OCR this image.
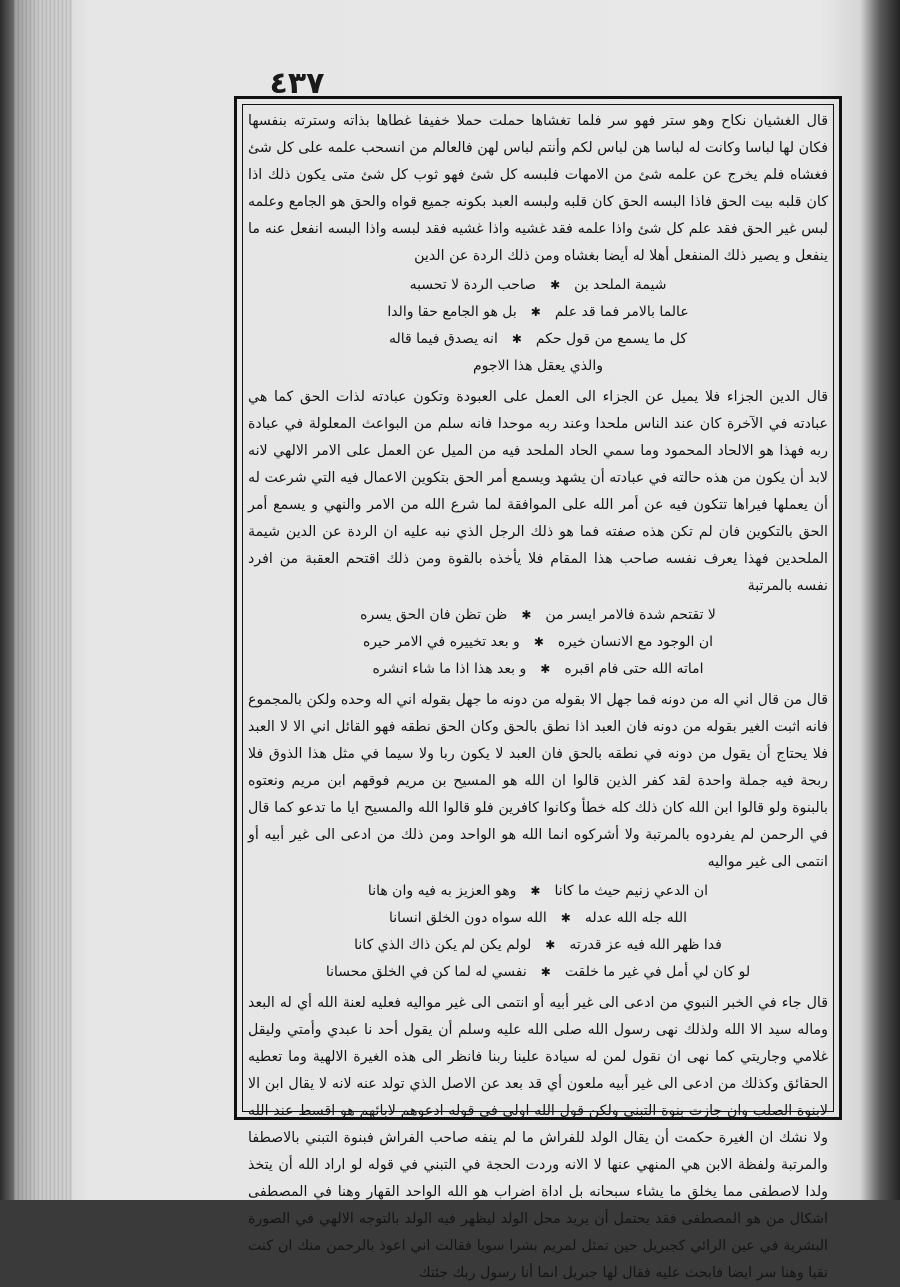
٤٣٧

قال الغشيان نكاح وهو ستر فهو سر فلما تغشاها حملت حملا خفيفا غطاها بذاته وسترته بنفسها فكان لها لباسا وكانت له لباسا هن لباس لكم وأنتم لباس لهن فالعالم من انسحب علمه على كل شئ فغشاه فلم يخرج عن علمه شئ من الامهات فلبسه كل شئ فهو ثوب كل شئ متى يكون ذلك اذا كان قلبه بيت الحق فاذا البسه الحق كان قلبه ولبسه العبد بكونه جميع قواه والحق هو الجامع وعلمه لبس غير الحق فقد علم كل شئ واذا علمه فقد غشيه واذا غشيه فقد لبسه واذا البسه انفعل عنه ما ينفعل و يصير ذلك المنفعل أهلا له أيضا بغشاه ومن ذلك الردة عن الدين

شيمة الملحد بن
✱
صاحب الردة لا تحسبه
عالما بالامر فما قد علم
✱
بل هو الجامع حقا والدا
كل ما يسمع من قول حكم
✱
انه يصدق فيما قاله
والذي يعقل هذا الاجوم

قال الدين الجزاء فلا يميل عن الجزاء الى العمل على العبودة وتكون عبادته لذات الحق كما هي عبادته في الآخرة كان عند الناس ملحدا وعند ربه موحدا فانه سلم من البواعث المعلولة في عبادة ربه فهذا هو الالحاد المحمود وما سمي الحاد الملحد فيه من الميل عن العمل على الامر الالهي لانه لابد أن يكون من هذه حالته في عبادته أن يشهد ويسمع أمر الحق بتكوين الاعمال فيه التي شرعت له أن يعملها فيراها تتكون فيه عن أمر الله على الموافقة لما شرع الله من الامر والنهي و يسمع أمر الحق بالتكوين فان لم تكن هذه صفته فما هو ذلك الرجل الذي نبه عليه ان الردة عن الدين شيمة الملحدين فهذا يعرف نفسه صاحب هذا المقام فلا يأخذه بالقوة ومن ذلك اقتحم العقبة من افرد نفسه بالمرتبة

لا تقتحم شدة فالامر ايسر من
✱
ظن تظن فان الحق يسره
ان الوجود مع الانسان خيره
✱
و بعد تخييره في الامر حيره
اماته الله حتى فام اقبره
✱
و بعد هذا اذا ما شاء انشره

قال من قال اني اله من دونه فما جهل الا بقوله من دونه ما جهل بقوله اني اله وحده ولكن بالمجموع فانه اثبت الغير بقوله من دونه فان العبد اذا نطق بالحق وكان الحق نطقه فهو القائل اني الا لا العبد فلا يحتاج أن يقول من دونه في نطقه بالحق فان العبد لا يكون ربا ولا سيما في مثل هذا الذوق فلا ربحة فيه جملة واحدة لقد كفر الذين قالوا ان الله هو المسيح بن مريم فوقهم ابن مريم ونعتوه بالبنوة ولو قالوا ابن الله كان ذلك كله خطأ وكانوا كافرين فلو قالوا الله والمسيح ايا ما تدعو كما قال في الرحمن لم يفردوه بالمرتبة ولا أشركوه انما الله هو الواحد ومن ذلك من ادعى الى غير أبيه أو انتمى الى غير مواليه

ان الدعي زنيم حيث ما كانا
✱
وهو العزيز به فيه وان هانا
الله جله الله عدله
✱
الله سواه دون الخلق انسانا
فدا ظهر الله فيه عز قدرته
✱
لولم يكن لم يكن ذاك الذي كانا
لو كان لي أمل في غير ما خلقت
✱
نفسي له لما كن في الخلق محسانا

قال جاء في الخبر النبوي من ادعى الى غير أبيه أو انتمى الى غير مواليه فعليه لعنة الله أي له البعد وماله سيد الا الله ولذلك نهى رسول الله صلى الله عليه وسلم أن يقول أحد نا عبدي وأمتي وليقل غلامي وجاريتي كما نهى ان نقول لمن له سيادة علينا ربنا فانظر الى هذه الغيرة الالهية وما تعطيه الحقائق وكذلك من ادعى الى غير أبيه ملعون أي قد بعد عن الاصل الذي تولد عنه لانه لا يقال ابن الا لابنوة الصلب وان جازت بنوة التبني ولكن قول الله اولى في قوله ادعوهم لابائهم هو اقسط عند الله ولا نشك ان الغيرة حكمت أن يقال الولد للفراش ما لم ينفه صاحب الفراش فبنوة التبني بالاصطفا والمرتبة ولفظة الابن هي المنهي عنها لا الانه وردت الحجة في التبني في قوله لو اراد الله أن يتخذ ولدا لاصطفى مما يخلق ما يشاء سبحانه بل اداة اضراب هو الله الواحد القهار وهنا في المصطفى اشكال من هو المصطفى فقد يحتمل أن يريد محل الولد ليظهر فيه الولد بالتوجه الالهي في الصورة البشرية في عين الرائي كجبريل حين تمثل لمريم بشرا سويا فقالت اني اعوذ بالرحمن منك ان كنت تقيا وهنا سر ايضا فابحث عليه فقال لها جبريل انما أنا رسول ربك جئتك
